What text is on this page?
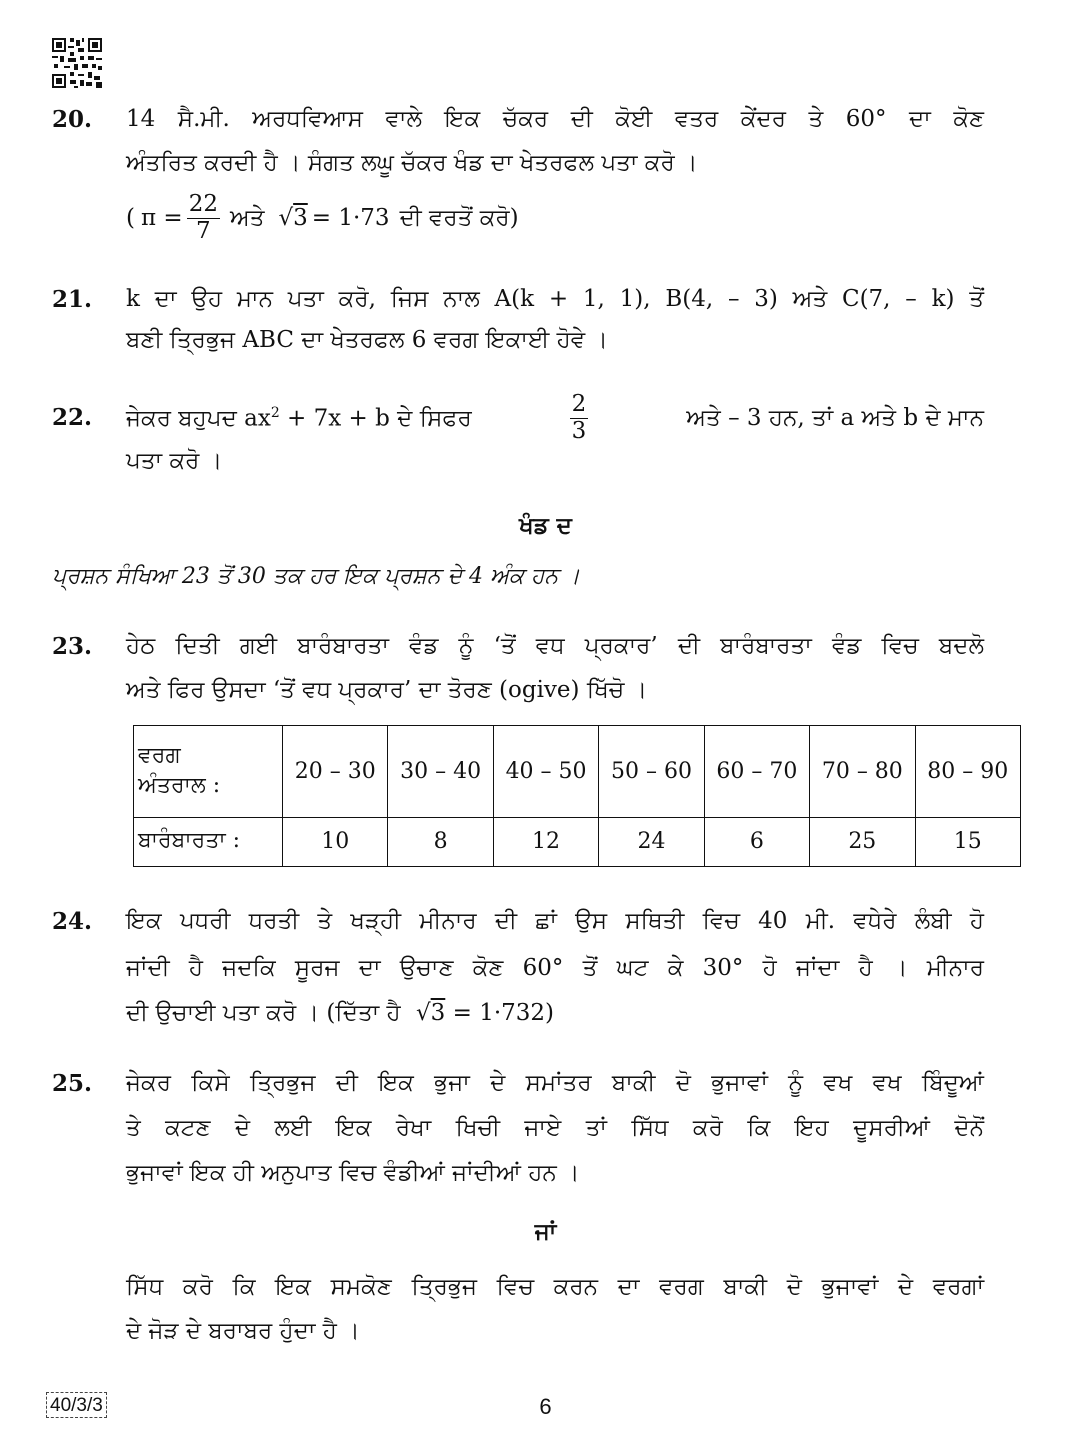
20. 14 ਸੈ.ਮੀ. ਅਰਧਵਿਆਸ ਵਾਲੇ ਇਕ ਚੱਕਰ ਦੀ ਕੋਈ ਵਤਰ ਕੇਂਦਰ ਤੇ 60° ਦਾ ਕੋਣ
ਅੰਤਰਿਤ ਕਰਦੀ ਹੈ । ਸੰਗਤ ਲਘੂ ਚੱਕਰ ਖੰਡ ਦਾ ਖੇਤਰਫਲ ਪਤਾ ਕਰੋ ।
( $\pi = \frac{22}{7}$ ਅਤੇ √ 3 = 1·73 ਦੀ ਵਰਤੋਂ ਕਰੋ)
21. k ਦਾ ਉਹ ਮਾਨ ਪਤਾ ਕਰੋ, ਜਿਸ ਨਾਲ A(k + 1, 1), B(4, – 3) ਅਤੇ C(7, – k) ਤੋਂ
ਬਣੀ ਤ੍ਰਿਭੁਜ ABC ਦਾ ਖੇਤਰਫਲ 6 ਵਰਗ ਇਕਾਈ ਹੋਵੇ ।
22. ਜੇਕਰ ਬਹੁਪਦ $ax^2 + 7x + b$ ਦੇ ਸਿਫਰ	$\frac{2}{3}$	ਅਤੇ – 3 ਹਨ, ਤਾਂ a ਅਤੇ b ਦੇ ਮਾਨ
ਪਤਾ ਕਰੋ ।
ਖੰਡ ਦ
ਪ੍ਰਸ਼ਨ ਸੰਖਿਆ 23 ਤੋਂ 30 ਤਕ ਹਰ ਇਕ ਪ੍ਰਸ਼ਨ ਦੇ 4 ਅੰਕ ਹਨ ।
23. ਹੇਠ ਦਿਤੀ ਗਈ ਬਾਰੰਬਾਰਤਾ ਵੰਡ ਨੂੰ ‘ਤੋਂ ਵਧ ਪ੍ਰਕਾਰ’ ਦੀ ਬਾਰੰਬਾਰਤਾ ਵੰਡ ਵਿਚ ਬਦਲੋ
ਅਤੇ ਫਿਰ ਉਸਦਾ ‘ਤੋਂ ਵਧ ਪ੍ਰਕਾਰ’ ਦਾ ਤੋਰਣ (ogive) ਖਿੱਚੋ ।
ਵਰਗ
ਅੰਤਰਾਲ :	20 – 30	30 – 40	40 – 50	50 – 60	60 – 70	70 – 80	80 – 90
ਬਾਰੰਬਾਰਤਾ :	10	8	12	24	6	25	15
24. ਇਕ ਪਧਰੀ ਧਰਤੀ ਤੇ ਖੜ੍ਹੀ ਮੀਨਾਰ ਦੀ ਛਾਂ ਉਸ ਸਥਿਤੀ ਵਿਚ 40 ਮੀ. ਵਧੇਰੇ ਲੰਬੀ ਹੋ
ਜਾਂਦੀ ਹੈ ਜਦਕਿ ਸੂਰਜ ਦਾ ਉਚਾਣ ਕੋਣ 60° ਤੋਂ ਘਟ ਕੇ 30° ਹੋ ਜਾਂਦਾ ਹੈ । ਮੀਨਾਰ
ਦੀ ਉਚਾਈ ਪਤਾ ਕਰੋ । (ਦਿੱਤਾ ਹੈ √3 = 1·732)
25. ਜੇਕਰ ਕਿਸੇ ਤ੍ਰਿਭੁਜ ਦੀ ਇਕ ਭੁਜਾ ਦੇ ਸਮਾਂਤਰ ਬਾਕੀ ਦੋ ਭੁਜਾਵਾਂ ਨੂੰ ਵਖ ਵਖ ਬਿੰਦੂਆਂ
ਤੇ ਕਟਣ ਦੇ ਲਈ ਇਕ ਰੇਖਾ ਖਿਚੀ ਜਾਏ ਤਾਂ ਸਿੱਧ ਕਰੋ ਕਿ ਇਹ ਦੂਸਰੀਆਂ ਦੋਨੋਂ
ਭੁਜਾਵਾਂ ਇਕ ਹੀ ਅਨੁਪਾਤ ਵਿਚ ਵੰਡੀਆਂ ਜਾਂਦੀਆਂ ਹਨ ।
ਜਾਂ
ਸਿੱਧ ਕਰੋ ਕਿ ਇਕ ਸਮਕੋਣ ਤ੍ਰਿਭੁਜ ਵਿਚ ਕਰਨ ਦਾ ਵਰਗ ਬਾਕੀ ਦੋ ਭੁਜਾਵਾਂ ਦੇ ਵਰਗਾਂ
ਦੇ ਜੋੜ ਦੇ ਬਰਾਬਰ ਹੁੰਦਾ ਹੈ ।
40/3/3	6
